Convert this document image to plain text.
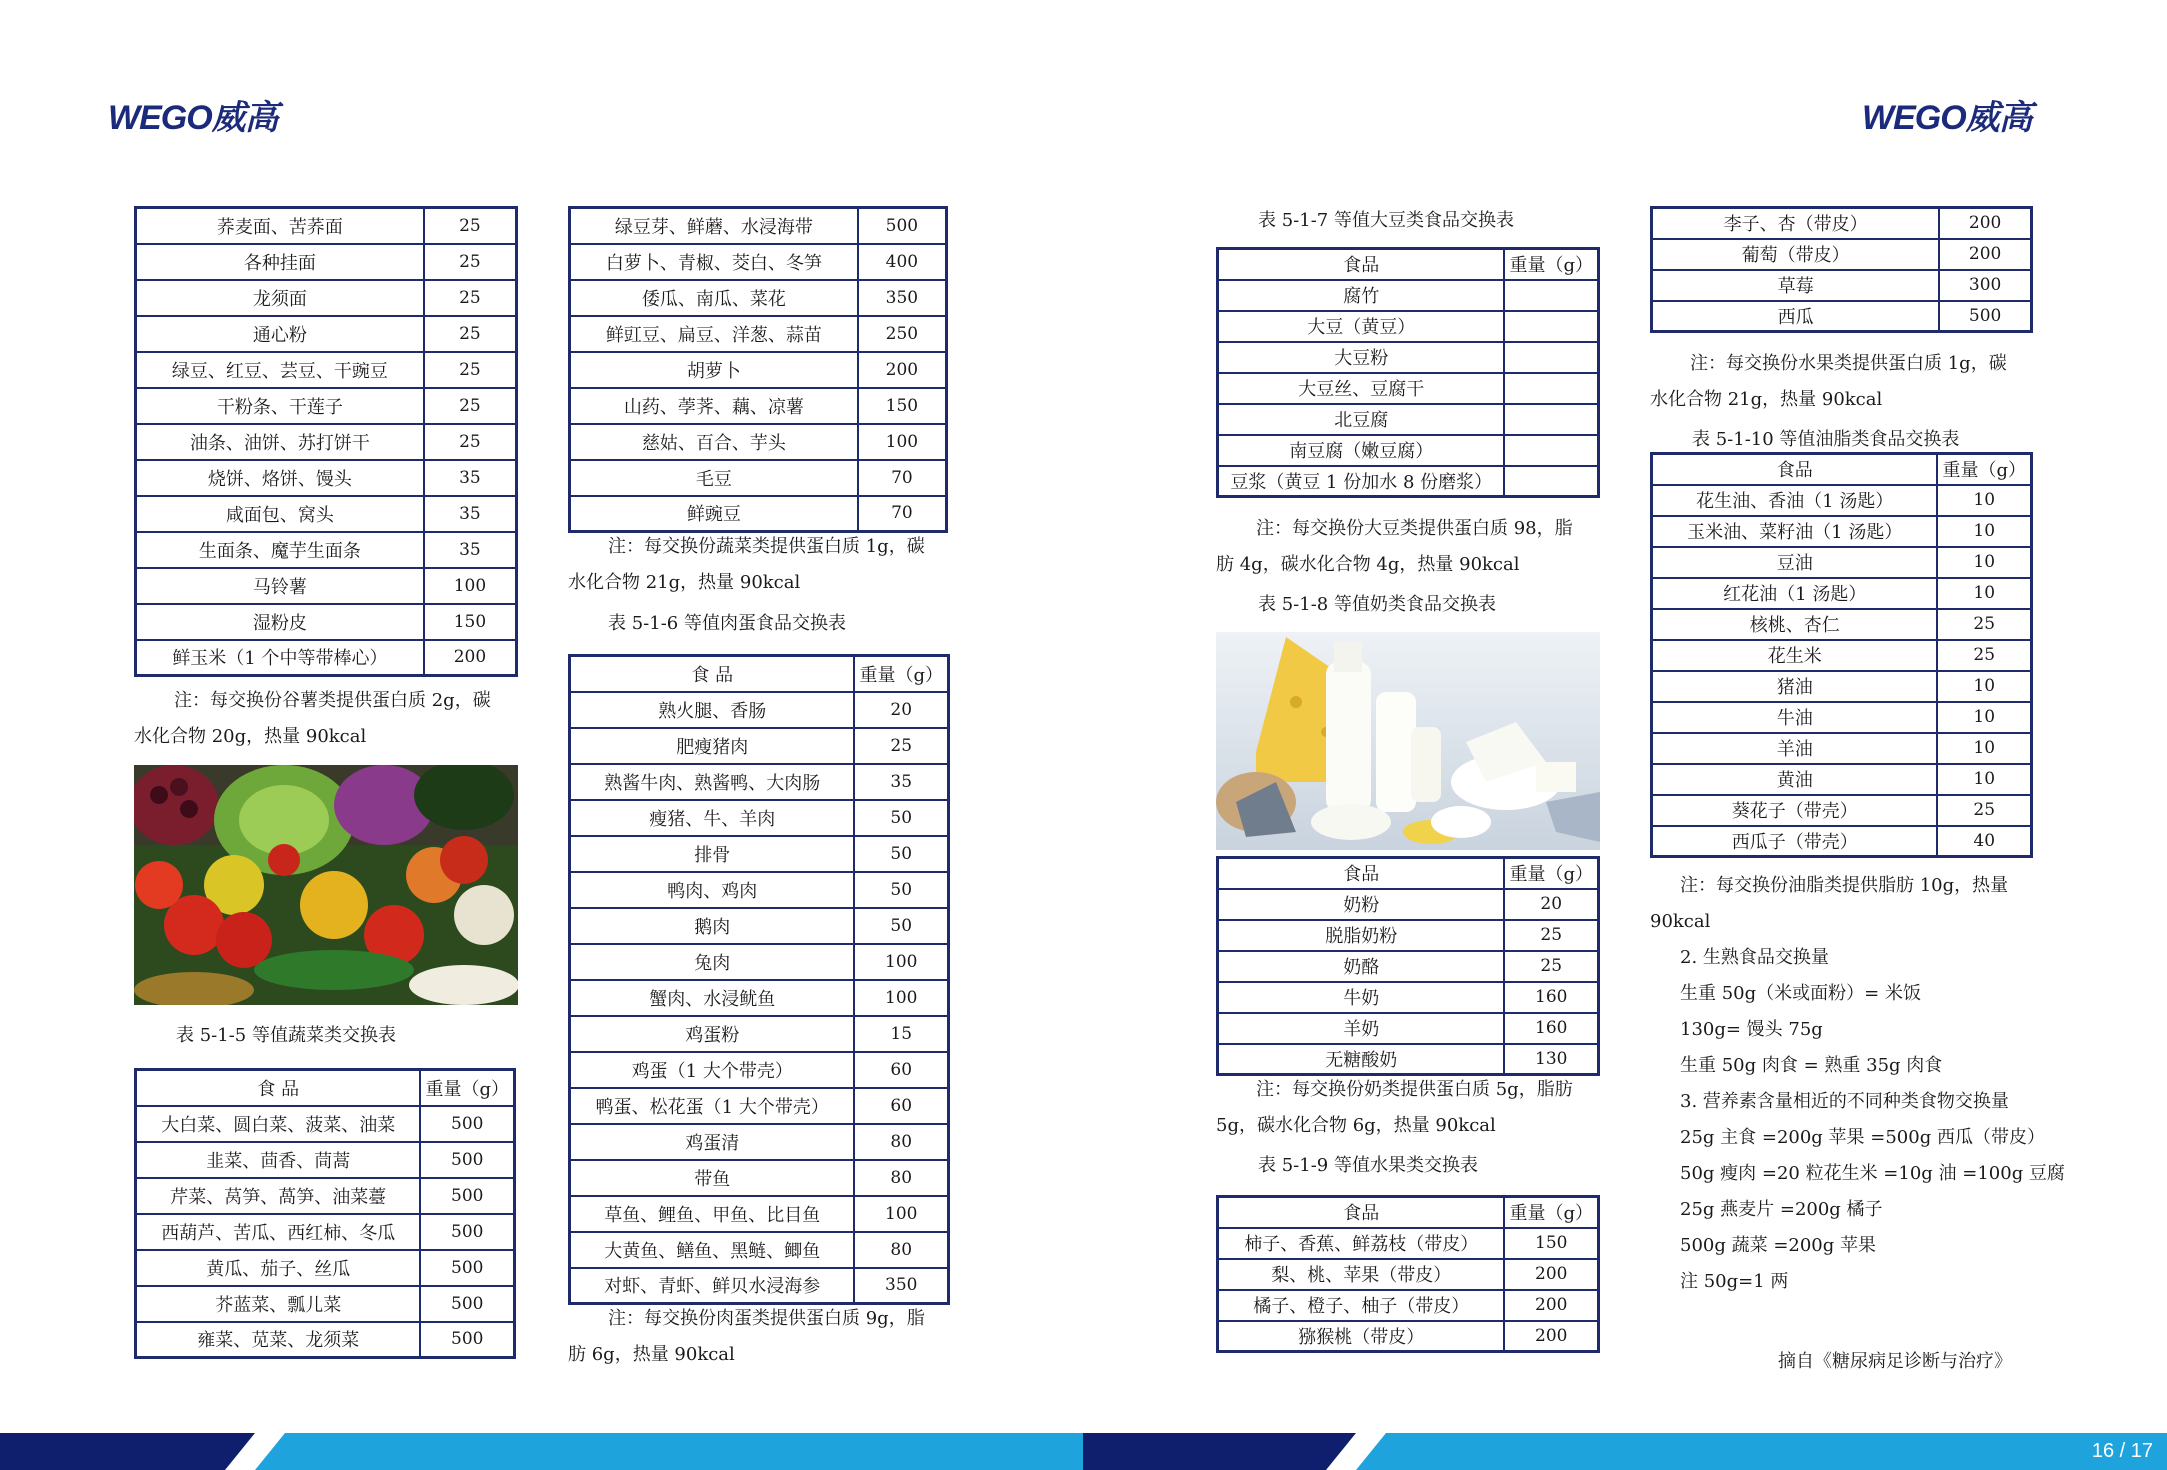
WEGO威高	WEGO威高
荞麦面、苦荞面	25
各种挂面	25
龙须面	25
通心粉	25
绿豆、红豆、芸豆、干豌豆	25
干粉条、干莲子	25
油条、油饼、苏打饼干	25
烧饼、烙饼、馒头	35
咸面包、窝头	35
生面条、魔芋生面条	35
马铃薯	100
湿粉皮	150
鲜玉米（1 个中等带棒心）	200
注：每交换份谷薯类提供蛋白质 2g，碳
水化合物 20g，热量 90kcal
表 5-1-5 等值蔬菜类交换表
食 品	重量（g）
大白菜、圆白菜、菠菜、油菜	500
韭菜、茴香、茼蒿	500
芹菜、莴笋、萵笋、油菜薹	500
西葫芦、苦瓜、西红柿、冬瓜	500
黄瓜、茄子、丝瓜	500
芥蓝菜、瓢儿菜	500
雍菜、苋菜、龙须菜	500
绿豆芽、鲜蘑、水浸海带	500
白萝卜、青椒、茭白、冬笋	400
倭瓜、南瓜、菜花	350
鲜豇豆、扁豆、洋葱、蒜苗	250
胡萝卜	200
山药、荸荠、藕、凉薯	150
慈姑、百合、芋头	100
毛豆	70
鲜豌豆	70
注：每交换份蔬菜类提供蛋白质 1g，碳
水化合物 21g，热量 90kcal
表 5-1-6 等值肉蛋食品交换表
食 品	重量（g）
熟火腿、香肠	20
肥瘦猪肉	25
熟酱牛肉、熟酱鸭、大肉肠	35
瘦猪、牛、羊肉	50
排骨	50
鸭肉、鸡肉	50
鹅肉	50
兔肉	100
蟹肉、水浸鱿鱼	100
鸡蛋粉	15
鸡蛋（1 大个带壳）	60
鸭蛋、松花蛋（1 大个带壳）	60
鸡蛋清	80
带鱼	80
草鱼、鲤鱼、甲鱼、比目鱼	100
大黄鱼、鳝鱼、黑鲢、鲫鱼	80
对虾、青虾、鲜贝水浸海参	350
注：每交换份肉蛋类提供蛋白质 9g，脂
肪 6g，热量 90kcal
表 5-1-7 等值大豆类食品交换表
食品	重量（g）
腐竹	
大豆（黄豆）	
大豆粉	
大豆丝、豆腐干	
北豆腐	
南豆腐（嫩豆腐）	
豆浆（黄豆 1 份加水 8 份磨浆）	
注：每交换份大豆类提供蛋白质 98，脂
肪 4g，碳水化合物 4g，热量 90kcal
表 5-1-8 等值奶类食品交换表
食品	重量（g）
奶粉	20
脱脂奶粉	25
奶酪	25
牛奶	160
羊奶	160
无糖酸奶	130
注：每交换份奶类提供蛋白质 5g，脂肪
5g，碳水化合物 6g，热量 90kcal
表 5-1-9 等值水果类交换表
食品	重量（g）
柿子、香蕉、鲜荔枝（带皮）	150
梨、桃、苹果（带皮）	200
橘子、橙子、柚子（带皮）	200
猕猴桃（带皮）	200
李子、杏（带皮）	200
葡萄（带皮）	200
草莓	300
西瓜	500
注：每交换份水果类提供蛋白质 1g，碳
水化合物 21g，热量 90kcal
表 5-1-10 等值油脂类食品交换表
食品	重量（g）
花生油、香油（1 汤匙）	10
玉米油、菜籽油（1 汤匙）	10
豆油	10
红花油（1 汤匙）	10
核桃、杏仁	25
花生米	25
猪油	10
牛油	10
羊油	10
黄油	10
葵花子（带壳）	25
西瓜子（带壳）	40
注：每交换份油脂类提供脂肪 10g，热量
90kcal
2. 生熟食品交换量
生重 50g（米或面粉）= 米饭
130g= 馒头 75g
生重 50g 肉食 = 熟重 35g 肉食
3. 营养素含量相近的不同种类食物交换量
25g 主食 =200g 苹果 =500g 西瓜（带皮）
50g 瘦肉 =20 粒花生米 =10g 油 =100g 豆腐
25g 燕麦片 =200g 橘子
500g 蔬菜 =200g 苹果
注 50g=1 两
摘自《糖尿病足诊断与治疗》
16 / 17
